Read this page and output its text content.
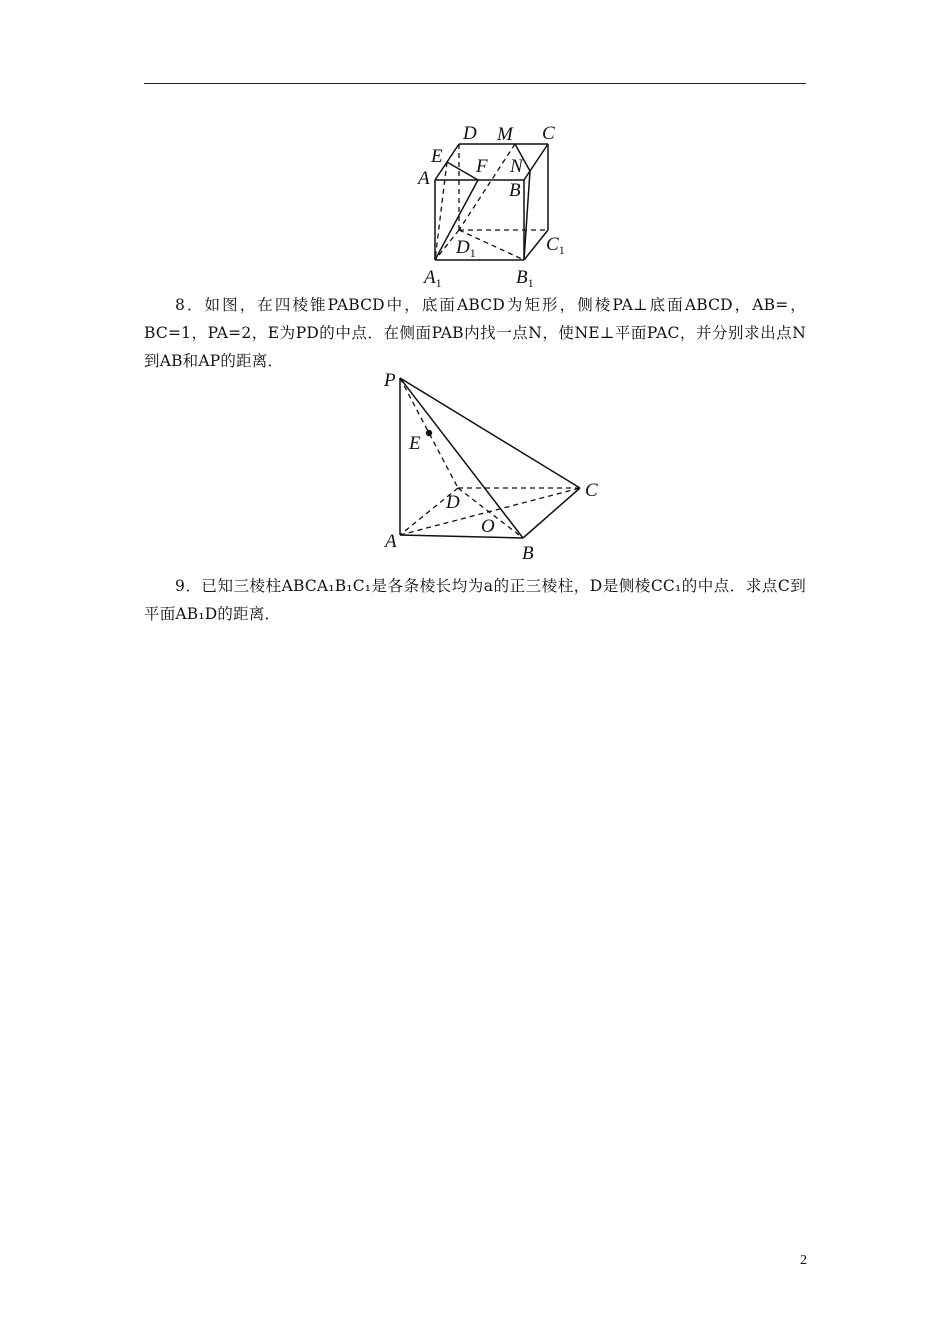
D M C
E F N
A
B
$D_1$	$C_1$
$A_1$	$B_1$
8．如图，在四棱锥PABCD中，底面ABCD为矩形，侧棱PA⊥底面ABCD，AB=，BC=1，PA=2，E为PD的中点．在侧面PAB内找一点N，使NE⊥平面PAC，并分别求出点N到AB和AP的距离．
P
E
D
C
O
A
B
9．已知三棱柱ABCA₁B₁C₁是各条棱长均为a的正三棱柱，D是侧棱CC₁的中点．求点C到平面AB₁D的距离．
2
